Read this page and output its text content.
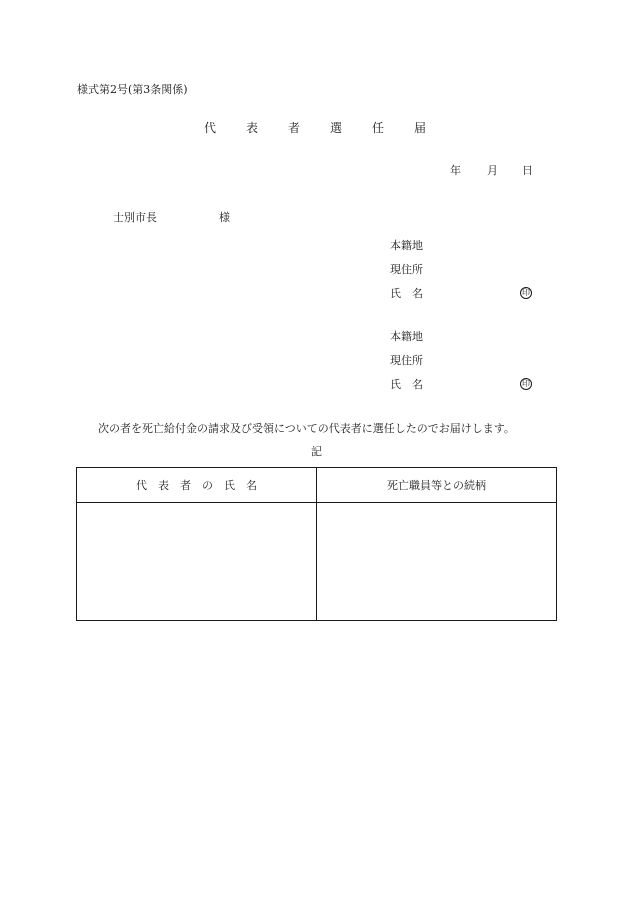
様式第2号(第3条関係)
代	表	者	選	任	届
年 月 日
士別市長	様
本籍地
現住所
氏　名	印
本籍地
現住所
氏　名	印
次の者を死亡給付金の請求及び受領についての代表者に選任したのでお届けします。
記
代　表　者　の　氏　名	死亡職員等との続柄
